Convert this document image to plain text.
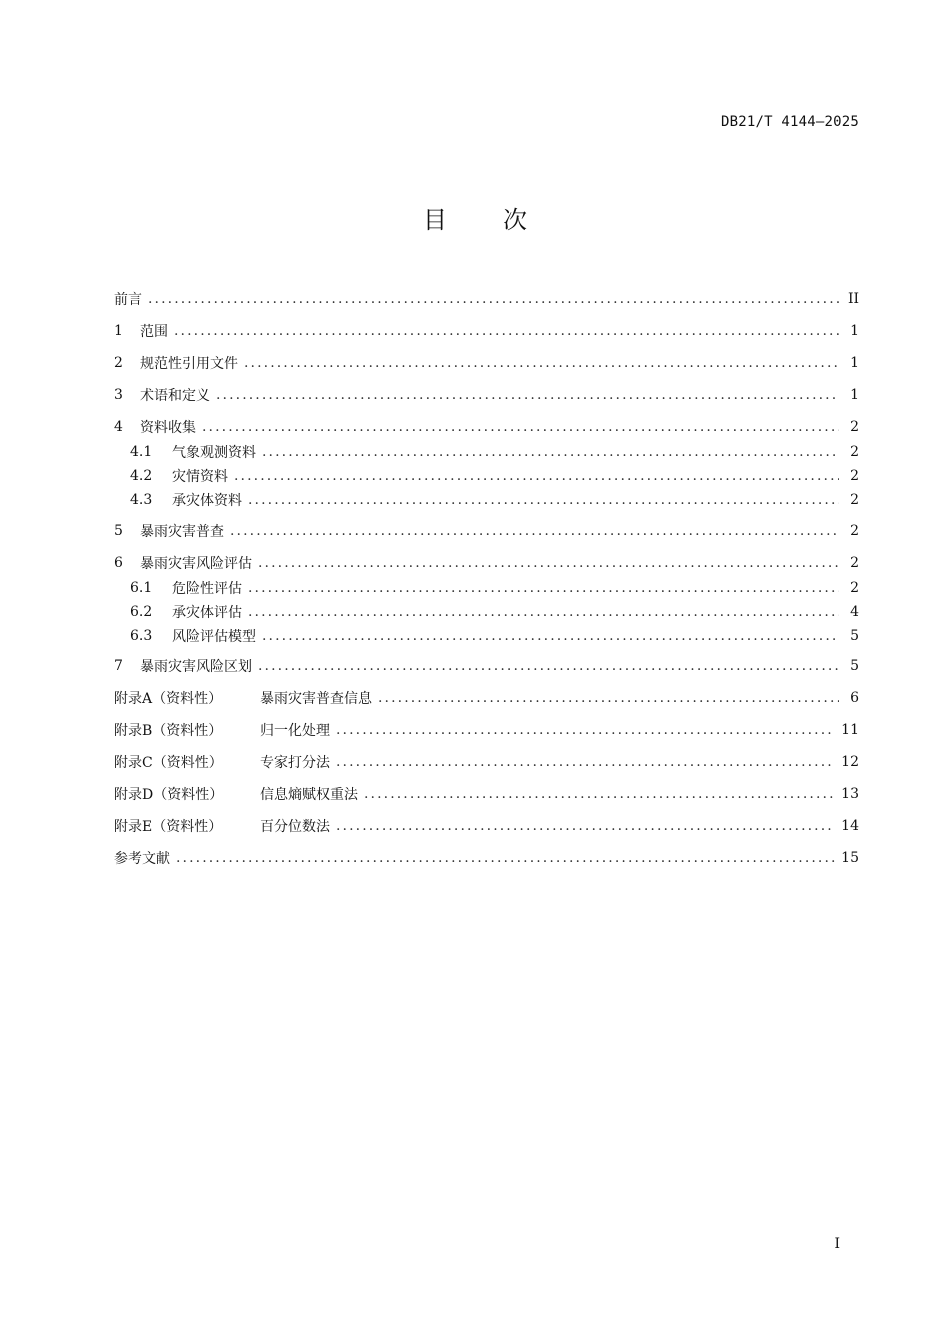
DB21/T 4144—2025
目次
前言 .....	II
1	范围 .....	1
2	规范性引用文件 .....	1
3	术语和定义 .....	1
4	资料收集 .....	2
4.1	气象观测资料 .....	2
4.2	灾情资料 .....	2
4.3	承灾体资料 .....	2
5	暴雨灾害普查 .....	2
6	暴雨灾害风险评估 .....	2
6.1	危险性评估 .....	2
6.2	承灾体评估 .....	4
6.3	风险评估模型 .....	5
7	暴雨灾害风险区划 .....	5
附录A（资料性）	暴雨灾害普查信息 .....	6
附录B（资料性）	归一化处理 .....	11
附录C（资料性）	专家打分法 .....	12
附录D（资料性）	信息熵赋权重法 .....	13
附录E（资料性）	百分位数法 .....	14
参考文献 .....	15
I
